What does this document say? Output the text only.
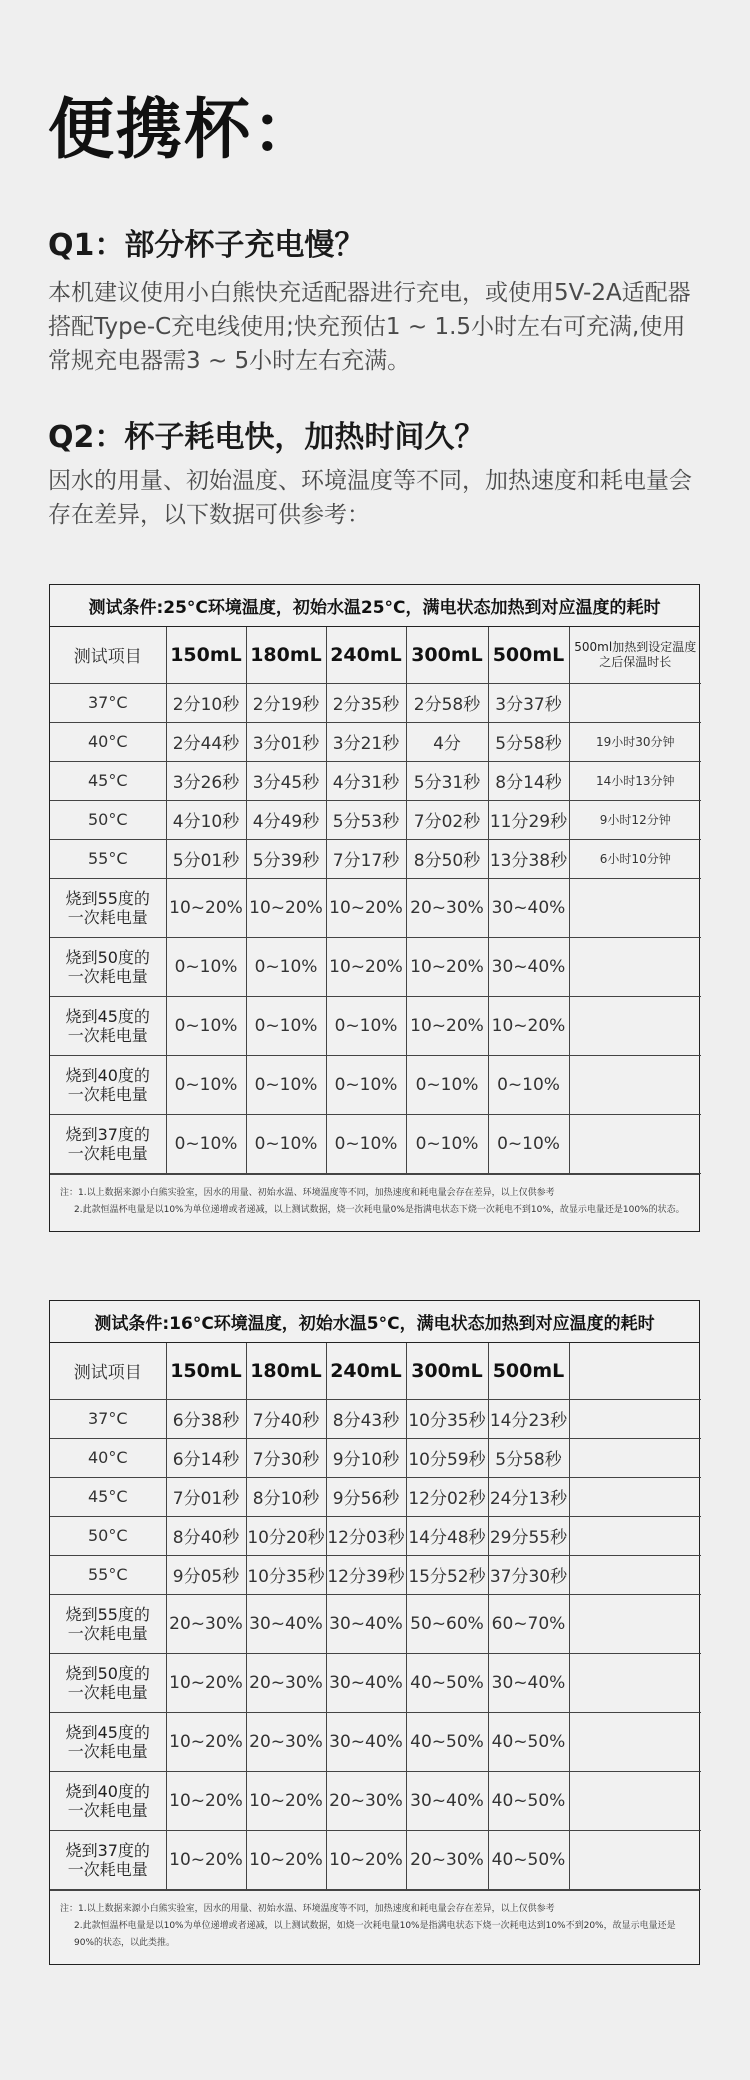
便携杯：
Q1：部分杯子充电慢？
本机建议使用小白熊快充适配器进行充电，或使用5V-2A适配器搭配Type-C充电线使用;快充预估1 ~ 1.5小时左右可充满,使用常规充电器需3 ~ 5小时左右充满。
Q2：杯子耗电快，加热时间久？
因水的用量、初始温度、环境温度等不同，加热速度和耗电量会存在差异，以下数据可供参考：
测试条件:25°C环境温度，初始水温25°C，满电状态加热到对应温度的耗时
测试项目	150mL	180mL	240mL	300mL	500mL	500ml加热到设定温度之后保温时长
37°C	2分10秒	2分19秒	2分35秒	2分58秒	3分37秒	
40°C	2分44秒	3分01秒	3分21秒	4分	5分58秒	19小时30分钟
45°C	3分26秒	3分45秒	4分31秒	5分31秒	8分14秒	14小时13分钟
50°C	4分10秒	4分49秒	5分53秒	7分02秒	11分29秒	9小时12分钟
55°C	5分01秒	5分39秒	7分17秒	8分50秒	13分38秒	6小时10分钟

烧到55度的
一次耗电量	10~20%	10~20%	10~20%	20~30%	30~40%	

烧到50度的
一次耗电量	0~10%	0~10%	10~20%	10~20%	30~40%	

烧到45度的
一次耗电量	0~10%	0~10%	0~10%	10~20%	10~20%	

烧到40度的
一次耗电量	0~10%	0~10%	0~10%	0~10%	0~10%	

烧到37度的
一次耗电量	0~10%	0~10%	0~10%	0~10%	0~10%	
注：1.以上数据来源小白熊实验室，因水的用量、初始水温、环境温度等不同，加热速度和耗电量会存在差异，以上仅供参考
2.此款恒温杯电量是以10%为单位递增或者递减，以上测试数据，烧一次耗电量0%是指满电状态下烧一次耗电不到10%，故显示电量还是100%的状态。
测试条件:16°C环境温度，初始水温5°C，满电状态加热到对应温度的耗时
测试项目	150mL	180mL	240mL	300mL	500mL	
37°C	6分38秒	7分40秒	8分43秒	10分35秒	14分23秒	
40°C	6分14秒	7分30秒	9分10秒	10分59秒	5分58秒	
45°C	7分01秒	8分10秒	9分56秒	12分02秒	24分13秒	
50°C	8分40秒	10分20秒	12分03秒	14分48秒	29分55秒	
55°C	9分05秒	10分35秒	12分39秒	15分52秒	37分30秒	

烧到55度的
一次耗电量	20~30%	30~40%	30~40%	50~60%	60~70%	

烧到50度的
一次耗电量	10~20%	20~30%	30~40%	40~50%	30~40%	

烧到45度的
一次耗电量	10~20%	20~30%	30~40%	40~50%	40~50%	

烧到40度的
一次耗电量	10~20%	10~20%	20~30%	30~40%	40~50%	

烧到37度的
一次耗电量	10~20%	10~20%	10~20%	20~30%	40~50%	
注：1.以上数据来源小白熊实验室，因水的用量、初始水温、环境温度等不同，加热速度和耗电量会存在差异，以上仅供参考
2.此款恒温杯电量是以10%为单位递增或者递减，以上测试数据，如烧一次耗电量10%是指满电状态下烧一次耗电达到10%不到20%，故显示电量还是90%的状态，以此类推。
